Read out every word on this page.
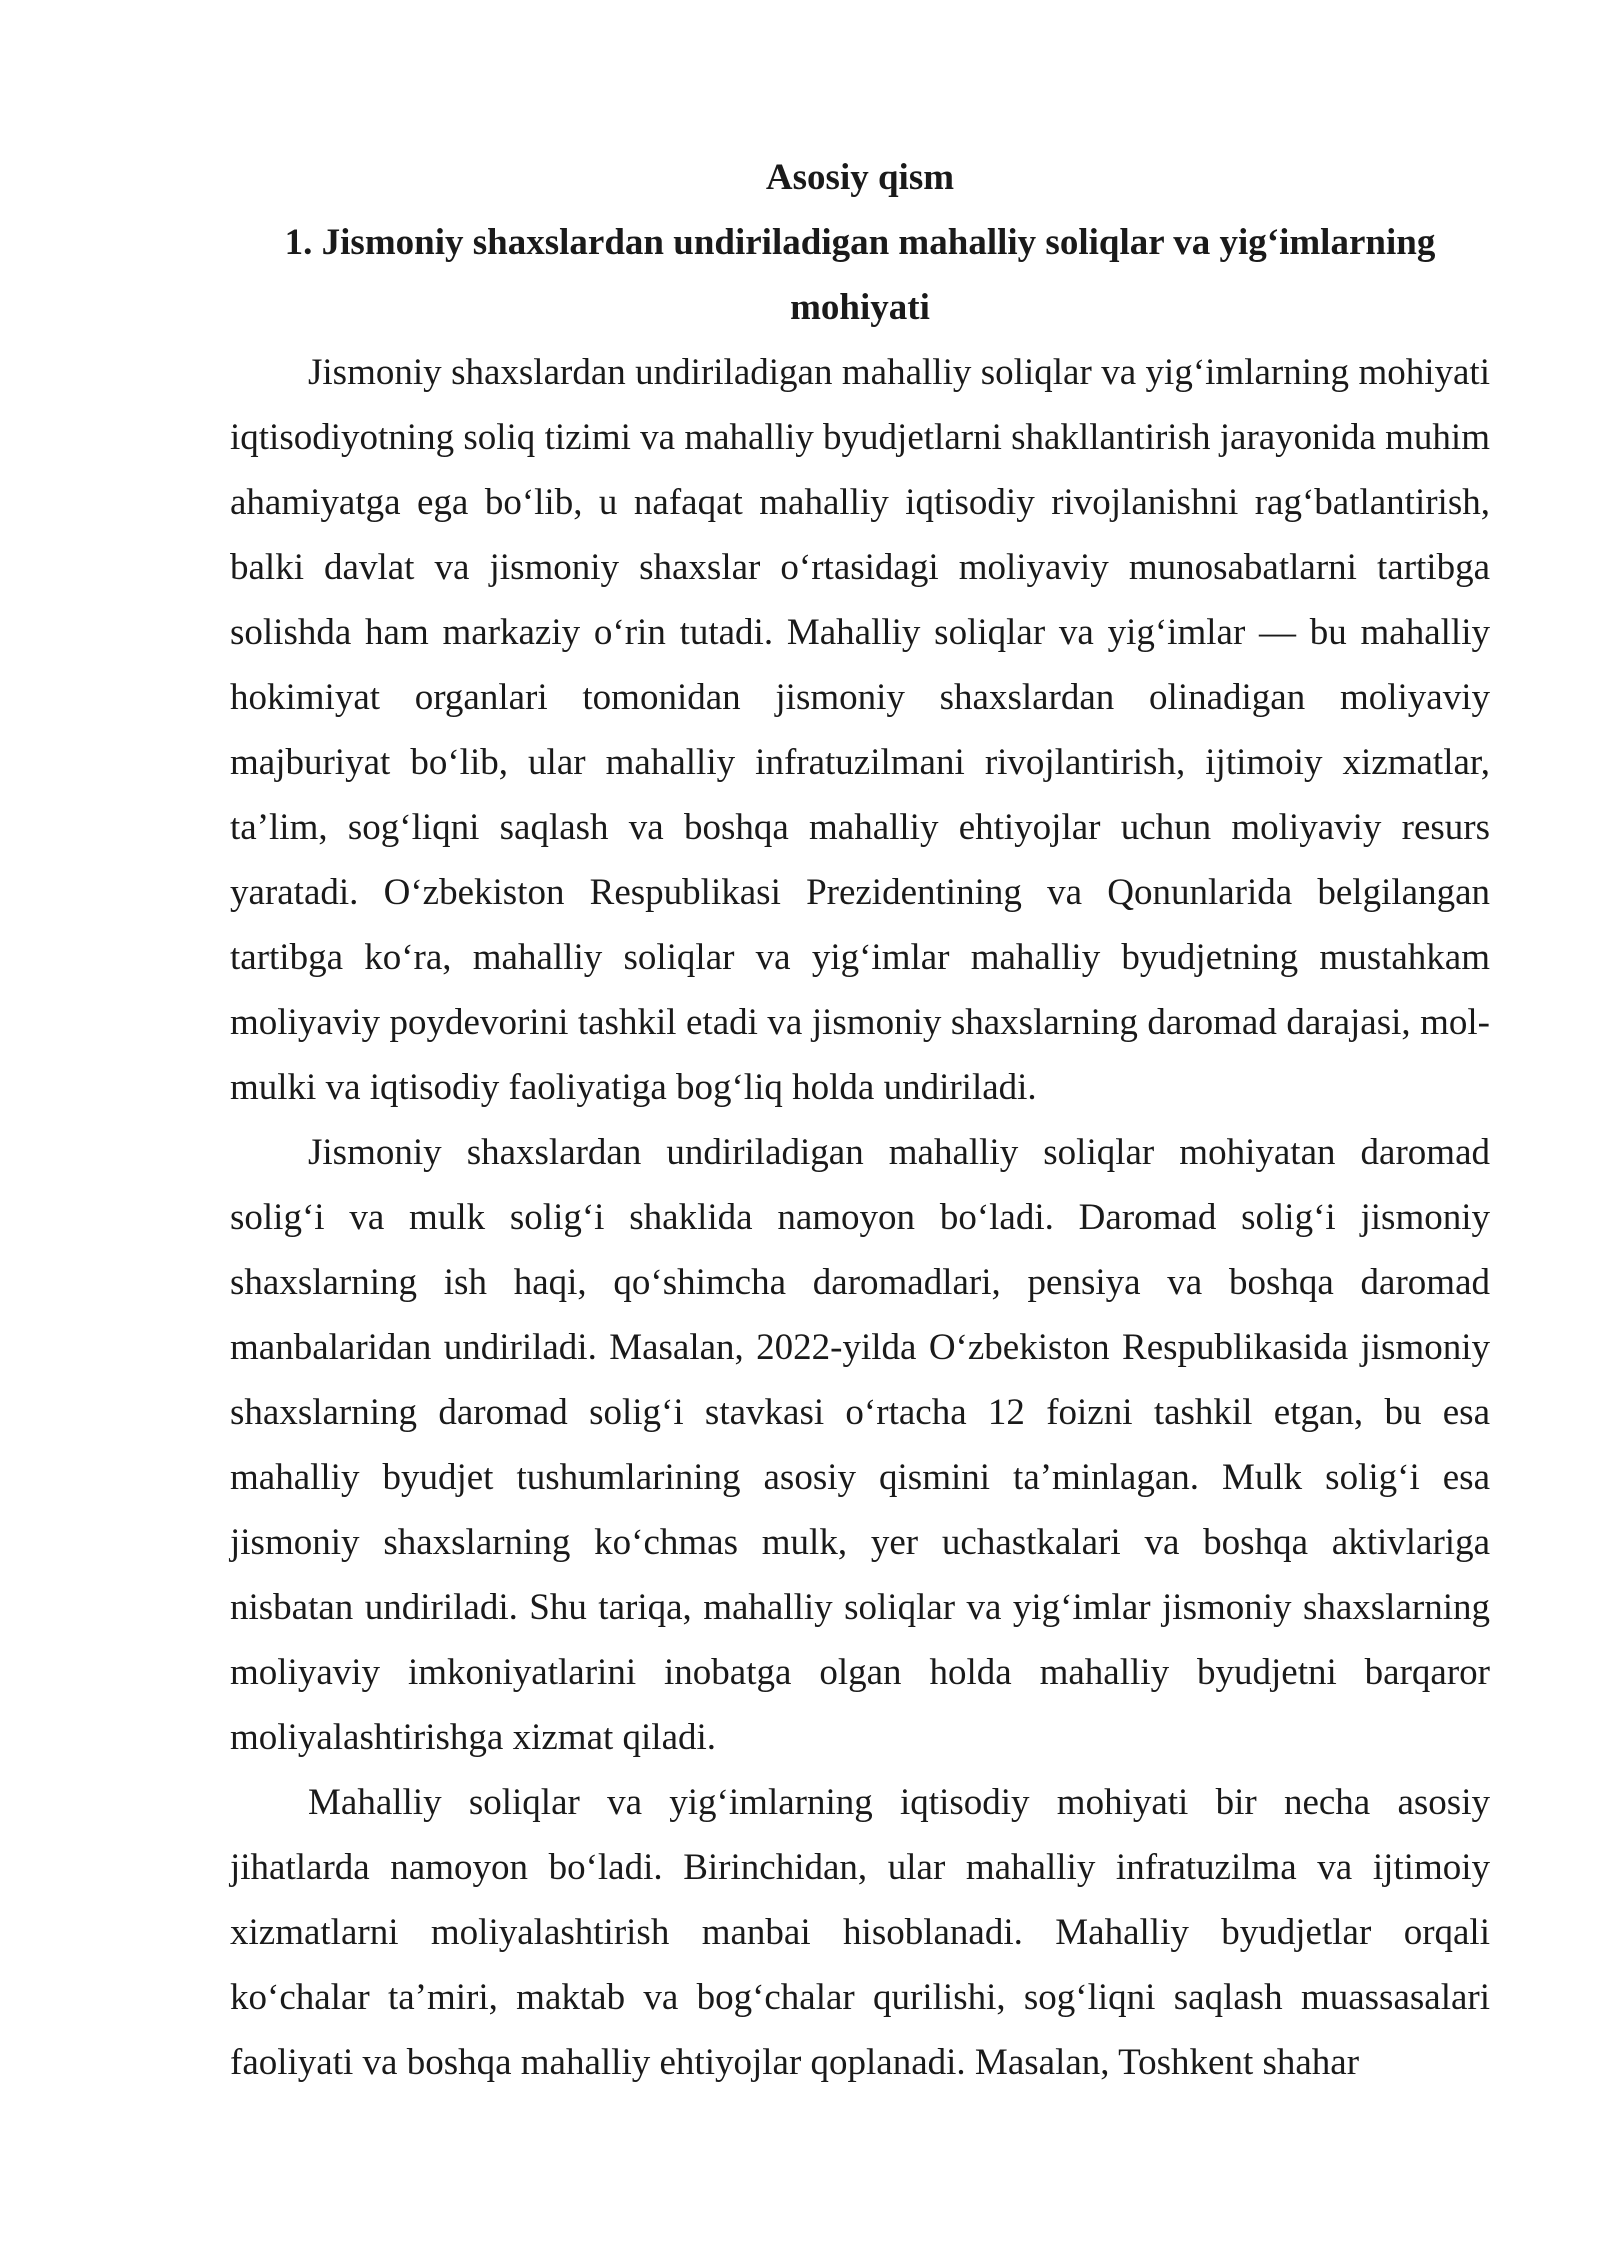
Asosiy qism

1. Jismoniy shaxslardan undiriladigan mahalliy soliqlar va yig‘imlarning mohiyati

Jismoniy shaxslardan undiriladigan mahalliy soliqlar va yig‘imlarning mohiyati iqtisodiyotning soliq tizimi va mahalliy byudjetlarni shakllantirish jarayonida muhim ahamiyatga ega bo‘lib, u nafaqat mahalliy iqtisodiy rivojlanishni rag‘batlantirish, balki davlat va jismoniy shaxslar o‘rtasidagi moliyaviy munosabatlarni tartibga solishda ham markaziy o‘rin tutadi. Mahalliy soliqlar va yig‘imlar — bu mahalliy hokimiyat organlari tomonidan jismoniy shaxslardan olinadigan moliyaviy majburiyat bo‘lib, ular mahalliy infratuzilmani rivojlantirish, ijtimoiy xizmatlar, ta’lim, sog‘liqni saqlash va boshqa mahalliy ehtiyojlar uchun moliyaviy resurs yaratadi. O‘zbekiston Respublikasi Prezidentining va Qonunlarida belgilangan tartibga ko‘ra, mahalliy soliqlar va yig‘imlar mahalliy byudjetning mustahkam moliyaviy poydevorini tashkil etadi va jismoniy shaxslarning daromad darajasi, mol-mulki va iqtisodiy faoliyatiga bog‘liq holda undiriladi.

Jismoniy shaxslardan undiriladigan mahalliy soliqlar mohiyatan daromad solig‘i va mulk solig‘i shaklida namoyon bo‘ladi. Daromad solig‘i jismoniy shaxslarning ish haqi, qo‘shimcha daromadlari, pensiya va boshqa daromad manbalaridan undiriladi. Masalan, 2022-yilda O‘zbekiston Respublikasida jismoniy shaxslarning daromad solig‘i stavkasi o‘rtacha 12 foizni tashkil etgan, bu esa mahalliy byudjet tushumlarining asosiy qismini ta’minlagan. Mulk solig‘i esa jismoniy shaxslarning ko‘chmas mulk, yer uchastkalari va boshqa aktivlariga nisbatan undiriladi. Shu tariqa, mahalliy soliqlar va yig‘imlar jismoniy shaxslarning moliyaviy imkoniyatlarini inobatga olgan holda mahalliy byudjetni barqaror moliyalashtirishga xizmat qiladi.

Mahalliy soliqlar va yig‘imlarning iqtisodiy mohiyati bir necha asosiy jihatlarda namoyon bo‘ladi. Birinchidan, ular mahalliy infratuzilma va ijtimoiy xizmatlarni moliyalashtirish manbai hisoblanadi. Mahalliy byudjetlar orqali ko‘chalar ta’miri, maktab va bog‘chalar qurilishi, sog‘liqni saqlash muassasalari faoliyati va boshqa mahalliy ehtiyojlar qoplanadi. Masalan, Toshkent shahar
